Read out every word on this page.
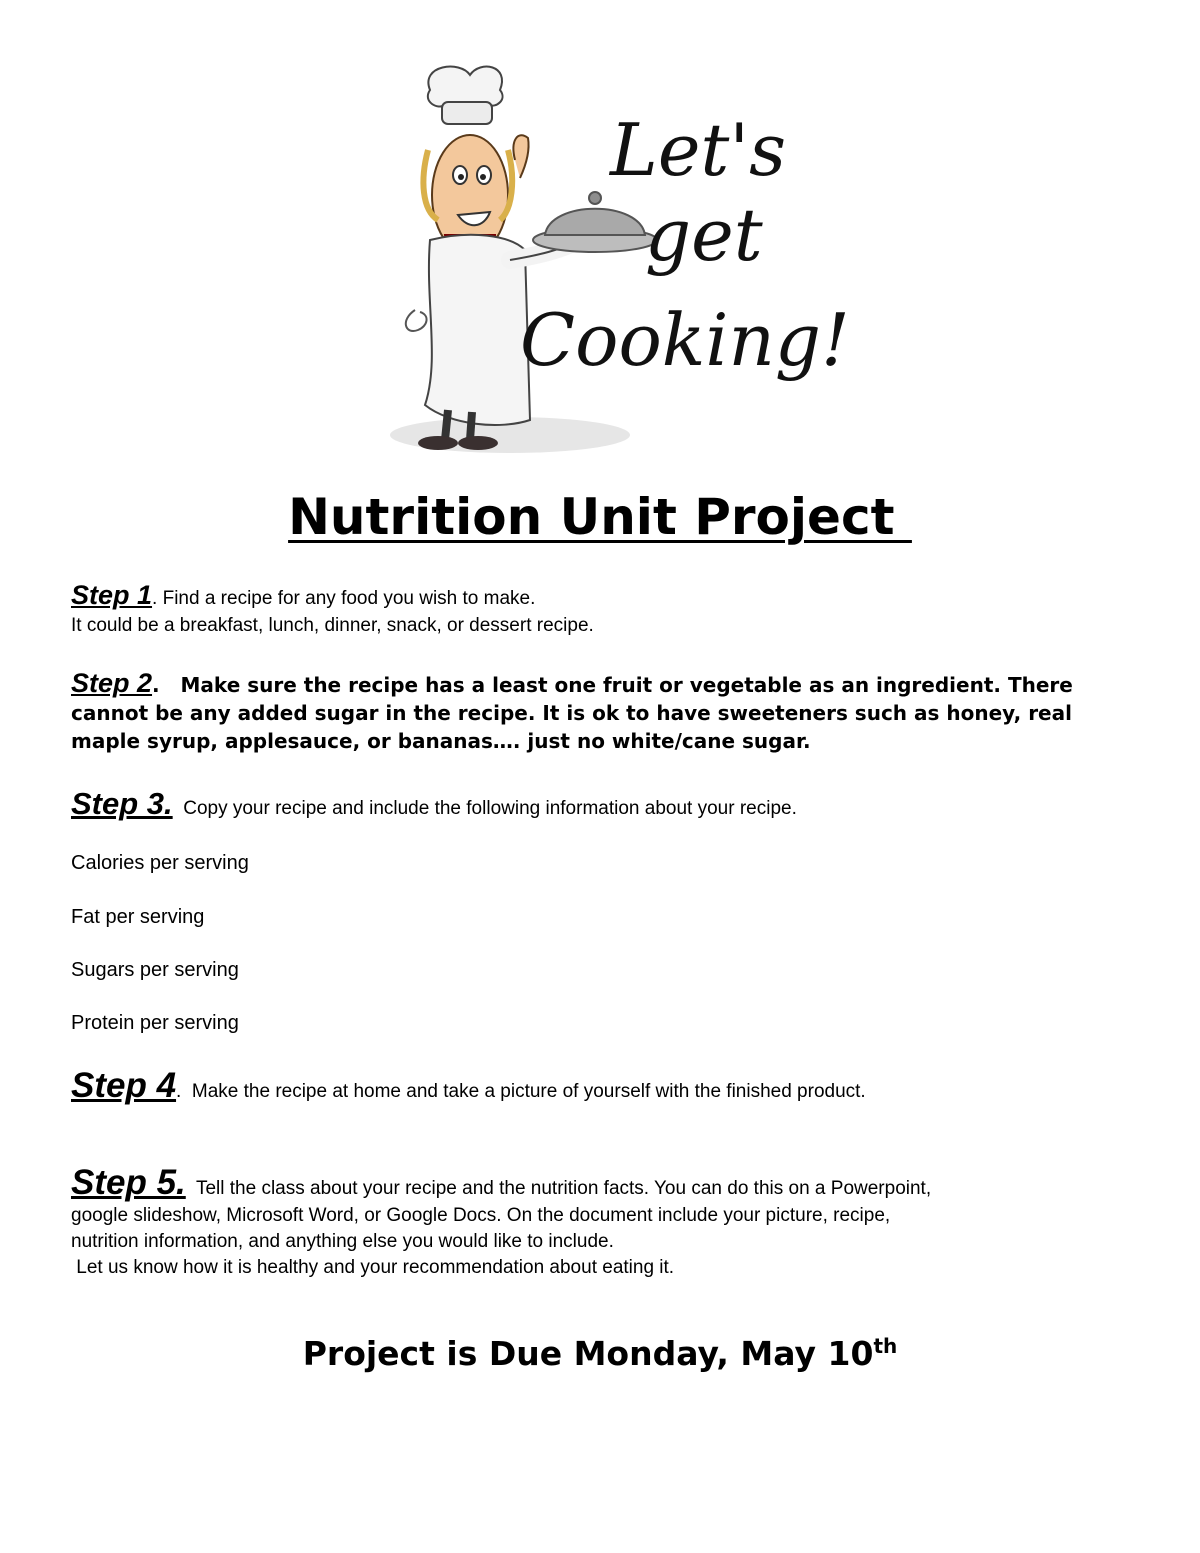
Let's
get
Cooking!
Nutrition Unit Project
Step 1. Find a recipe for any food you wish to make.
It could be a breakfast, lunch, dinner, snack, or dessert recipe.
Step 2.   Make sure the recipe has a least one fruit or vegetable as an ingredient. There cannot be any added sugar in the recipe. It is ok to have sweeteners such as honey, real maple syrup, applesauce, or bananas…. just no white/cane sugar.
Step 3. Copy your recipe and include the following information about your recipe.
Calories per serving
Fat per serving
Sugars per serving
Protein per serving
Step 4.  Make the recipe at home and take a picture of yourself with the finished product.
Step 5. Tell the class about your recipe and the nutrition facts. You can do this on a Powerpoint,
google slideshow, Microsoft Word, or Google Docs. On the document include your picture, recipe,
nutrition information, and anything else you would like to include.
Let us know how it is healthy and your recommendation about eating it.
Project is Due Monday, May 10th
